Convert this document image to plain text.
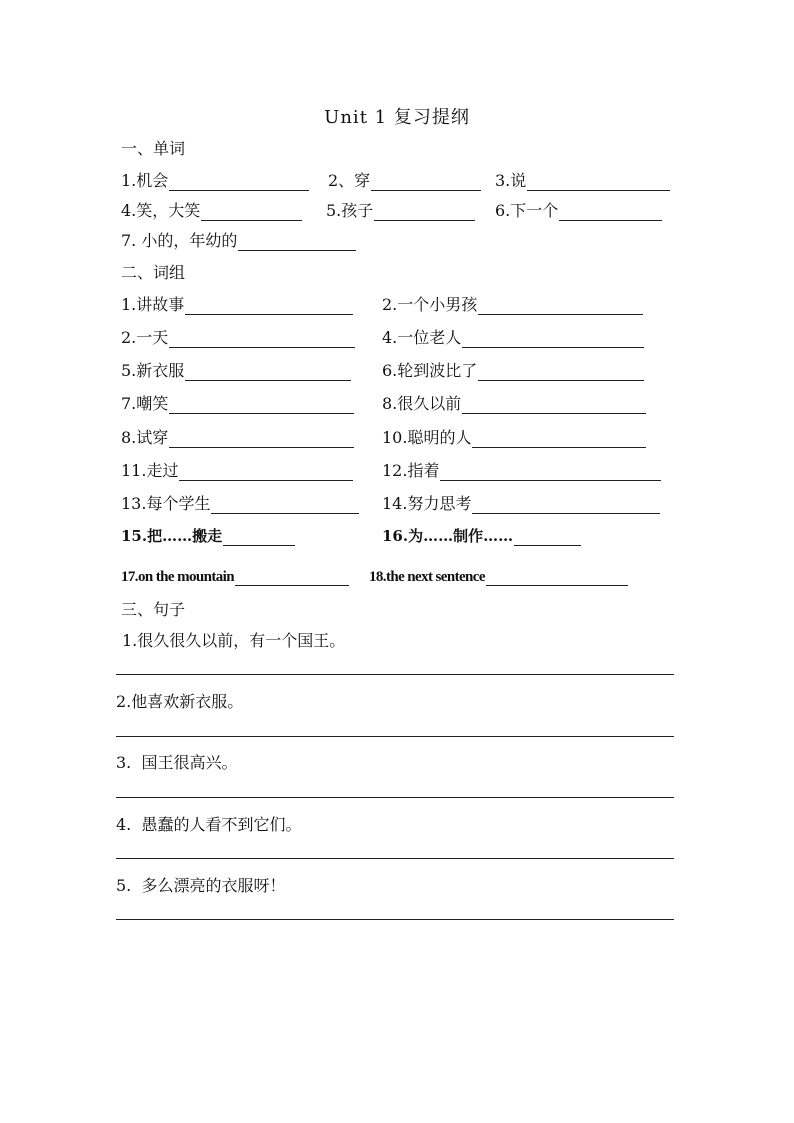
Unit 1 复习提纲
一、单词
1.机会	2、穿	3.说
4.笑，大笑	5.孩子	6.下一个
7. 小的，年幼的
二、词组
1.讲故事	2.一个小男孩
2.一天	4.一位老人
5.新衣服	6.轮到波比了
7.嘲笑	8.很久以前
8.试穿	10.聪明的人
11.走过	12.指着
13.每个学生	14.努力思考
15.把……搬走	16.为……制作……
17.on the mountain	18.the next sentence
三、句子
1.很久很久以前，有一个国王。
2.他喜欢新衣服。
3.  国王很高兴。
4.  愚蠢的人看不到它们。
5.  多么漂亮的衣服呀！
